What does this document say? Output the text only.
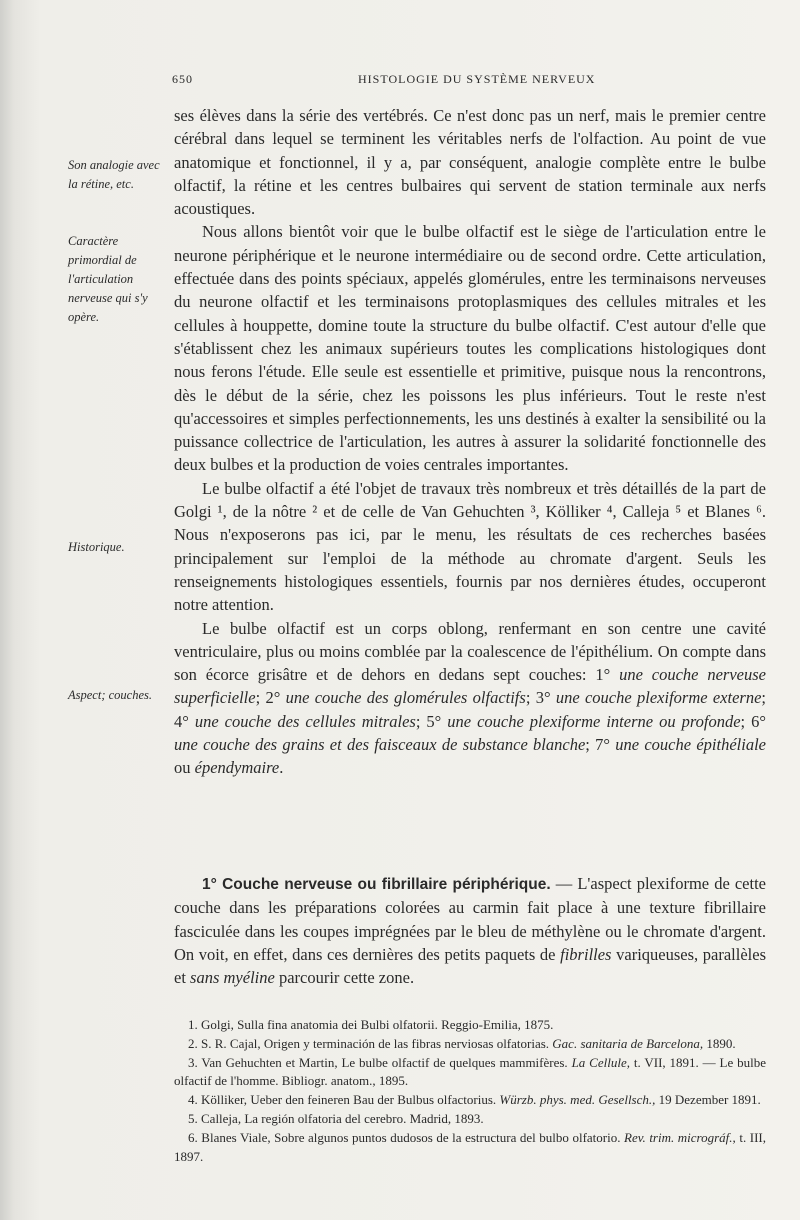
650	HISTOLOGIE DU SYSTÈME NERVEUX
Son analogie avec la rétine, etc.
Caractère primordial de l'articulation nerveuse qui s'y opère.
Historique.
Aspect; couches.

ses élèves dans la série des vertébrés. Ce n'est donc pas un nerf, mais le premier centre cérébral dans lequel se terminent les véritables nerfs de l'olfaction. Au point de vue anatomique et fonctionnel, il y a, par conséquent, analogie complète entre le bulbe olfactif, la rétine et les centres bulbaires qui servent de station terminale aux nerfs acoustiques.

Nous allons bientôt voir que le bulbe olfactif est le siège de l'articulation entre le neurone périphérique et le neurone intermédiaire ou de second ordre. Cette articulation, effectuée dans des points spéciaux, appelés glomérules, entre les terminaisons nerveuses du neurone olfactif et les terminaisons protoplasmiques des cellules mitrales et les cellules à houppette, domine toute la structure du bulbe olfactif. C'est autour d'elle que s'établissent chez les animaux supérieurs toutes les complications histologiques dont nous ferons l'étude. Elle seule est essentielle et primitive, puisque nous la rencontrons, dès le début de la série, chez les poissons les plus inférieurs. Tout le reste n'est qu'accessoires et simples perfectionnements, les uns destinés à exalter la sensibilité ou la puissance collectrice de l'articulation, les autres à assurer la solidarité fonctionnelle des deux bulbes et la production de voies centrales importantes.

Le bulbe olfactif a été l'objet de travaux très nombreux et très détaillés de la part de Golgi ¹, de la nôtre ² et de celle de Van Gehuchten ³, Kölliker ⁴, Calleja ⁵ et Blanes ⁶. Nous n'exposerons pas ici, par le menu, les résultats de ces recherches basées principalement sur l'emploi de la méthode au chromate d'argent. Seuls les renseignements histologiques essentiels, fournis par nos dernières études, occuperont notre attention.

Le bulbe olfactif est un corps oblong, renfermant en son centre une cavité ventriculaire, plus ou moins comblée par la coalescence de l'épithélium. On compte dans son écorce grisâtre et de dehors en dedans sept couches: 1° une couche nerveuse superficielle; 2° une couche des glomérules olfactifs; 3° une couche plexiforme externe; 4° une couche des cellules mitrales; 5° une couche plexiforme interne ou profonde; 6° une couche des grains et des faisceaux de substance blanche; 7° une couche épithéliale ou épendymaire.

1° Couche nerveuse ou fibrillaire périphérique. — L'aspect plexiforme de cette couche dans les préparations colorées au carmin fait place à une texture fibrillaire fasciculée dans les coupes imprégnées par le bleu de méthylène ou le chromate d'argent. On voit, en effet, dans ces dernières des petits paquets de fibrilles variqueuses, parallèles et sans myéline parcourir cette zone.

1. Golgi, Sulla fina anatomia dei Bulbi olfatorii. Reggio-Emilia, 1875.

2. S. R. Cajal, Origen y terminación de las fibras nerviosas olfatorias. Gac. sanitaria de Barcelona, 1890.

3. Van Gehuchten et Martin, Le bulbe olfactif de quelques mammifères. La Cellule, t. VII, 1891. — Le bulbe olfactif de l'homme. Bibliogr. anatom., 1895.

4. Kölliker, Ueber den feineren Bau der Bulbus olfactorius. Würzb. phys. med. Gesellsch., 19 Dezember 1891.

5. Calleja, La región olfatoria del cerebro. Madrid, 1893.

6. Blanes Viale, Sobre algunos puntos dudosos de la estructura del bulbo olfatorio. Rev. trim. micrográf., t. III, 1897.
